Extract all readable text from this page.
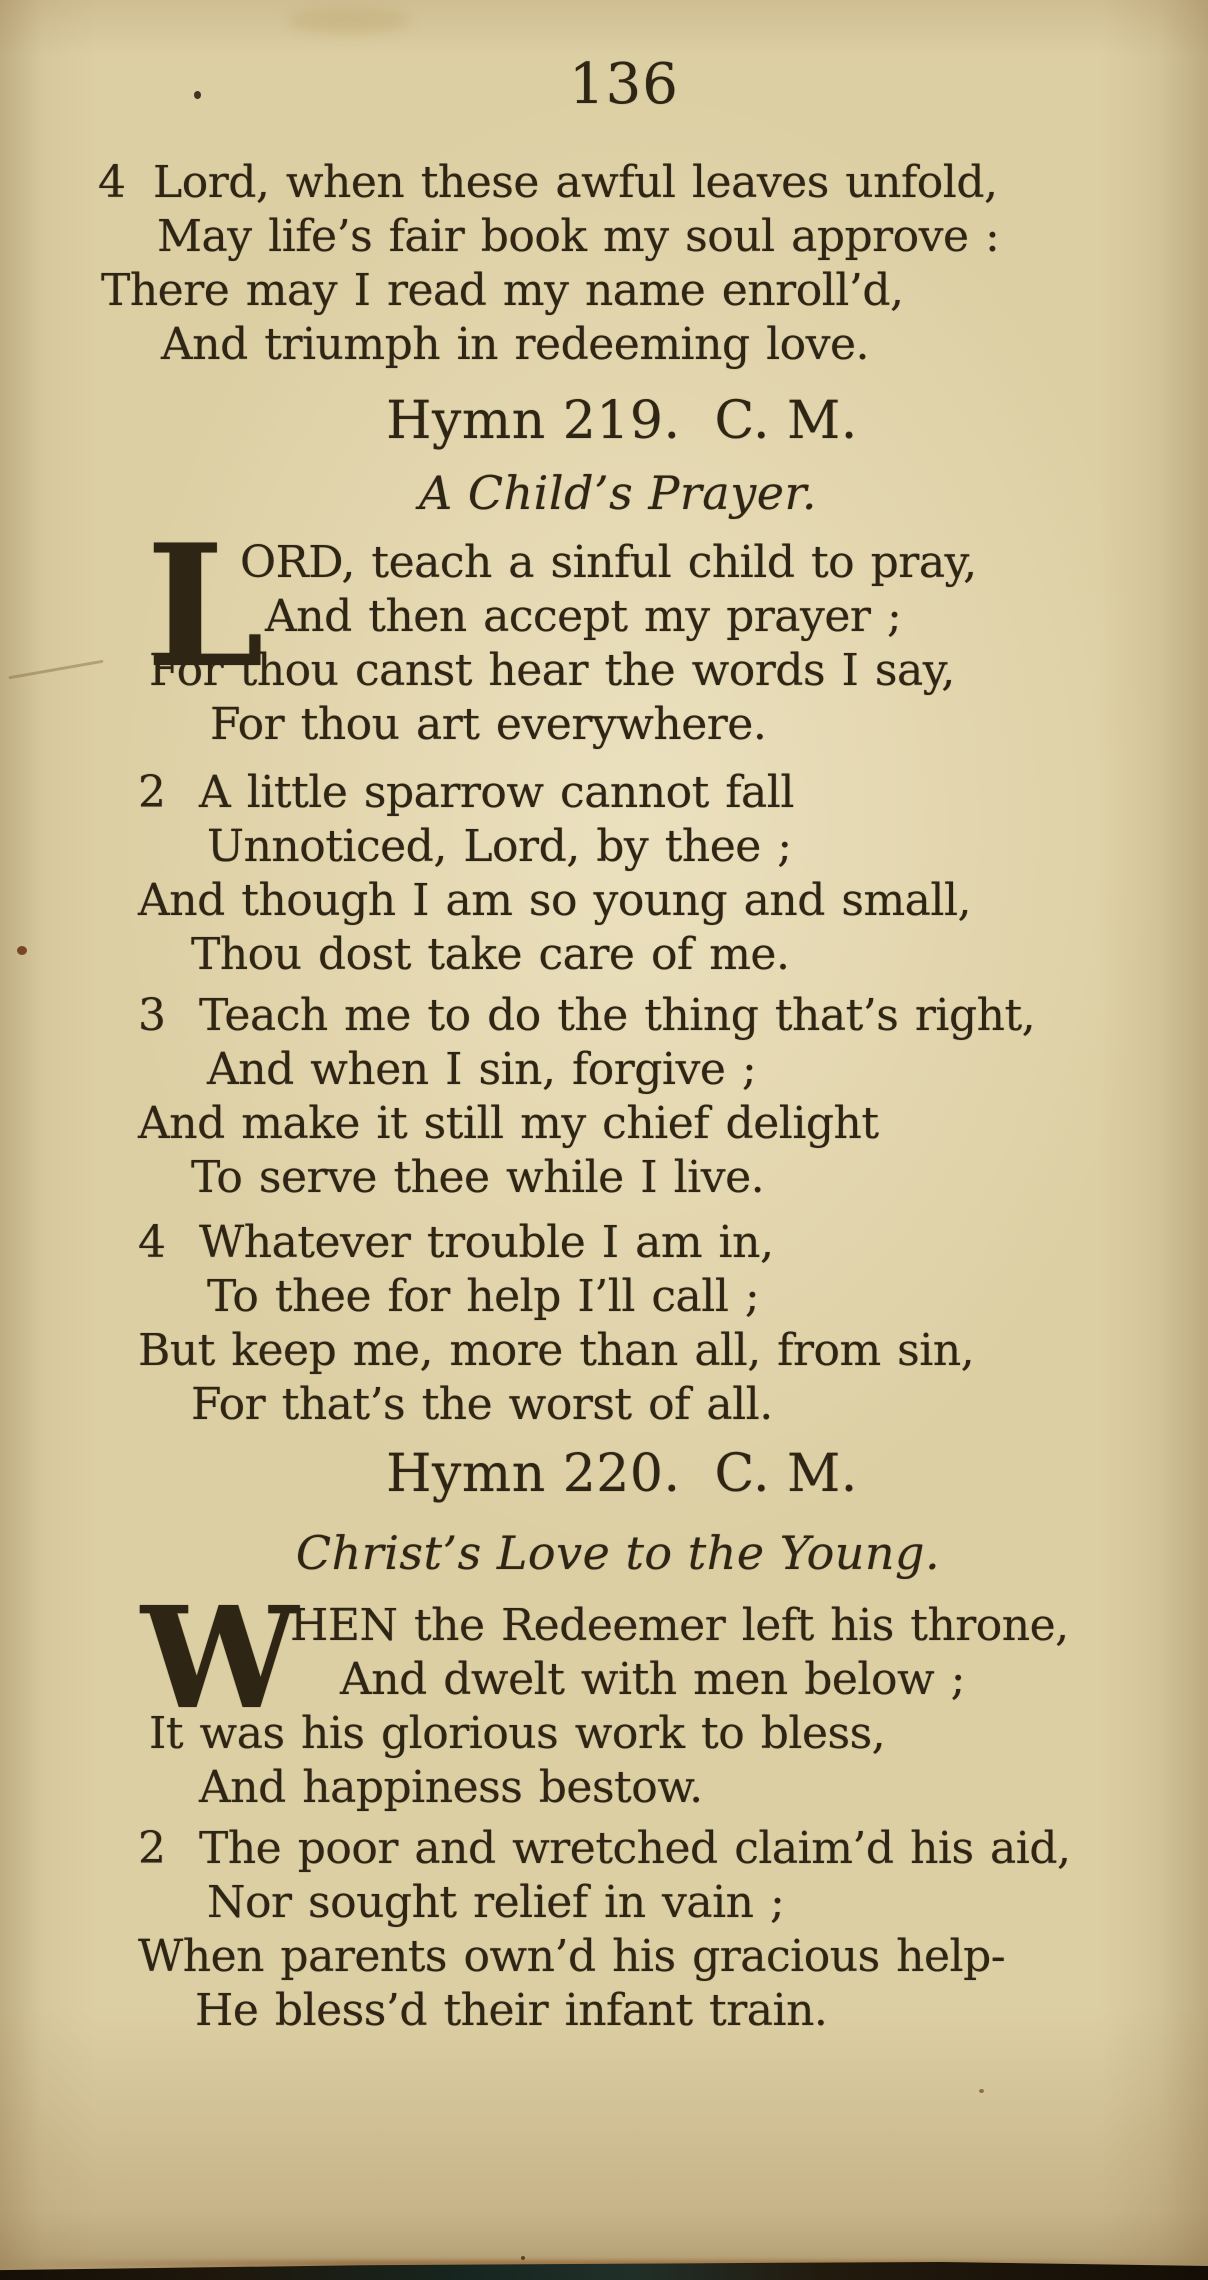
136
4 Lord, when these awful leaves unfold,
May life’s fair book my soul approve :
There may I read my name enroll’d,
And triumph in redeeming love.
Hymn 219.  C. M.
A Child’s Prayer.
L
ORD, teach a sinful child to pray,
And then accept my prayer ;
For thou canst hear the words I say,
For thou art everywhere.
2 A little sparrow cannot fall
Unnoticed, Lord, by thee ;
And though I am so young and small,
Thou dost take care of me.
3 Teach me to do the thing that’s right,
And when I sin, forgive ;
And make it still my chief delight
To serve thee while I live.
4 Whatever trouble I am in,
To thee for help I’ll call ;
But keep me, more than all, from sin,
For that’s the worst of all.
Hymn 220.  C. M.
Christ’s Love to the Young.
W
HEN the Redeemer left his throne,
And dwelt with men below ;
It was his glorious work to bless,
And happiness bestow.
2 The poor and wretched claim’d his aid,
Nor sought relief in vain ;
When parents own’d his gracious help-
He bless’d their infant train.
